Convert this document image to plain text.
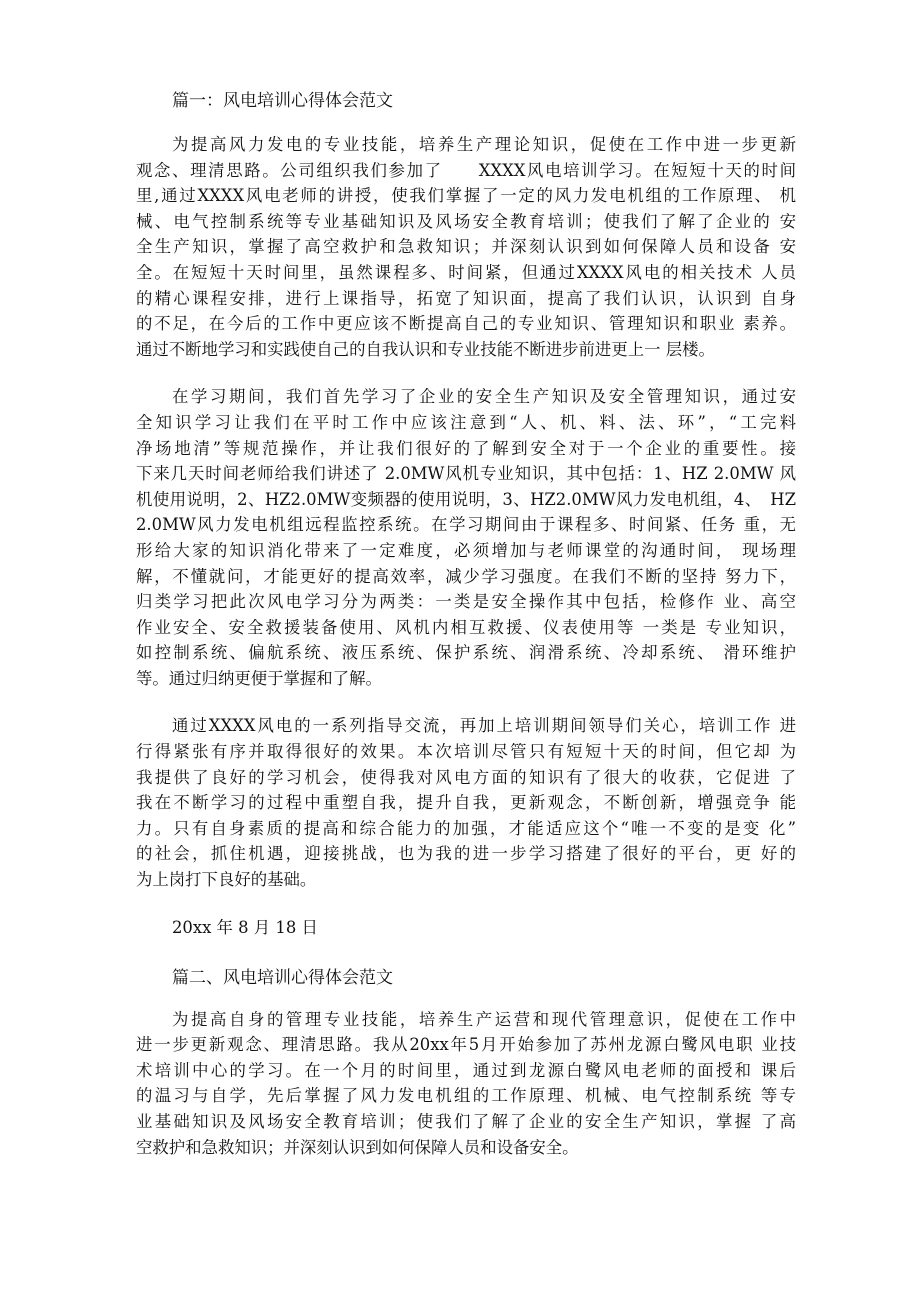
篇一：风电培训心得体会范文
为提高风力发电的专业技能，培养生产理论知识，促使在工作中进一步更新
观念、理清思路。公司组织我们参加了　　XXXX风电培训学习。在短短十天的时间
里,通过XXXX风电老师的讲授，使我们掌握了一定的风力发电机组的工作原理、 机
械、电气控制系统等专业基础知识及风场安全教育培训；使我们了解了企业的 安
全生产知识，掌握了高空救护和急救知识；并深刻认识到如何保障人员和设备 安
全。在短短十天时间里，虽然课程多、时间紧，但通过XXXX风电的相关技术 人员
的精心课程安排，进行上课指导，拓宽了知识面，提高了我们认识，认识到 自身
的不足，在今后的工作中更应该不断提高自己的专业知识、管理知识和职业 素养。
通过不断地学习和实践使自己的自我认识和专业技能不断进步前进更上一 层楼。
在学习期间，我们首先学习了企业的安全生产知识及安全管理知识，通过安
全知识学习让我们在平时工作中应该注意到“人、机、料、法、环”，“工完料
净场地清”等规范操作，并让我们很好的了解到安全对于一个企业的重要性。接
下来几天时间老师给我们讲述了 2.0MW风机专业知识，其中包括：1、HZ 2.0MW 风
机使用说明，2、HZ2.0MW变频器的使用说明，3、HZ2.0MW风力发电机组，4、　HZ
2.0MW风力发电机组远程监控系统。在学习期间由于课程多、时间紧、任务 重，无
形给大家的知识消化带来了一定难度，必须增加与老师课堂的沟通时间， 现场理
解，不懂就问，才能更好的提高效率，减少学习强度。在我们不断的坚持 努力下，
归类学习把此次风电学习分为两类：一类是安全操作其中包括，检修作 业、高空
作业安全、安全救援装备使用、风机内相互救援、仪表使用等 一类是 专业知识，
如控制系统、偏航系统、液压系统、保护系统、润滑系统、冷却系统、 滑环维护
等。通过归纳更便于掌握和了解。
通过XXXX风电的一系列指导交流，再加上培训期间领导们关心，培训工作 进
行得紧张有序并取得很好的效果。本次培训尽管只有短短十天的时间，但它却 为
我提供了良好的学习机会，使得我对风电方面的知识有了很大的收获，它促进 了
我在不断学习的过程中重塑自我，提升自我，更新观念，不断创新，增强竞争 能
力。只有自身素质的提高和综合能力的加强，才能适应这个“唯一不变的是变 化”
的社会，抓住机遇，迎接挑战，也为我的进一步学习搭建了很好的平台，更 好的
为上岗打下良好的基础。
20xx 年 8 月 18 日
篇二、风电培训心得体会范文
为提高自身的管理专业技能，培养生产运营和现代管理意识，促使在工作中
进一步更新观念、理清思路。我从20xx年5月开始参加了苏州龙源白鹭风电职 业技
术培训中心的学习。在一个月的时间里，通过到龙源白鹭风电老师的面授和 课后
的温习与自学，先后掌握了风力发电机组的工作原理、机械、电气控制系统 等专
业基础知识及风场安全教育培训；使我们了解了企业的安全生产知识，掌握 了高
空救护和急救知识；并深刻认识到如何保障人员和设备安全。
